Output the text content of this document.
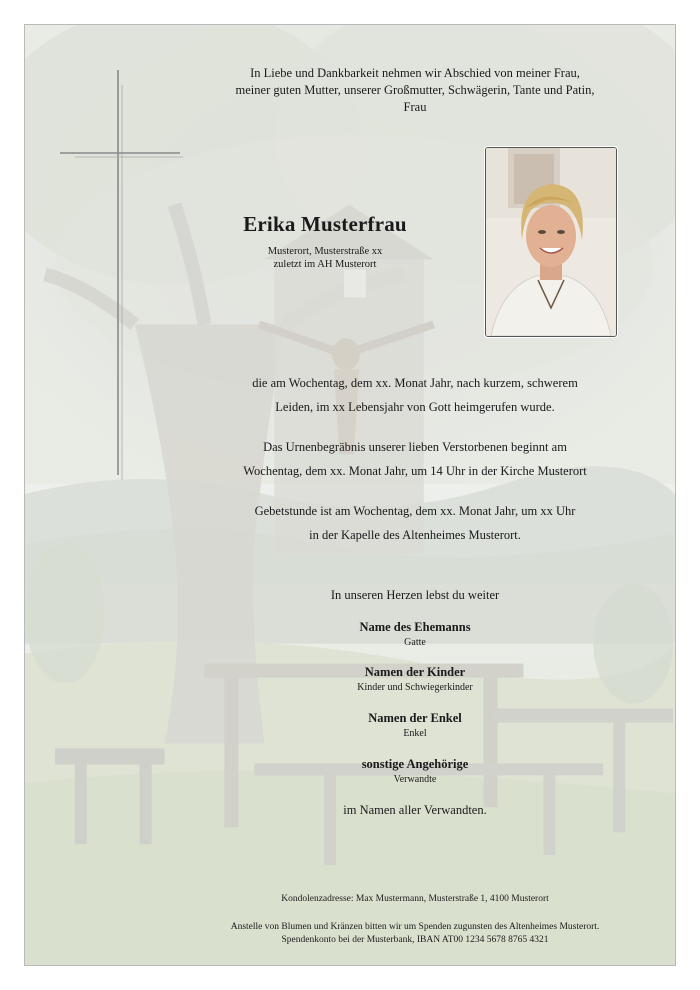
In Liebe und Dankbarkeit nehmen wir Abschied von meiner Frau,
meiner guten Mutter, unserer Großmutter, Schwägerin, Tante und Patin,
Frau
Erika Musterfrau
Musterort, Musterstraße xx
zuletzt im AH Musterort
die am Wochentag, dem xx. Monat Jahr, nach kurzem, schwerem
Leiden, im xx Lebensjahr von Gott heimgerufen wurde.
Das Urnenbegräbnis unserer lieben Verstorbenen beginnt am
Wochentag, dem xx. Monat Jahr, um 14 Uhr in der Kirche Musterort
Gebetstunde ist am Wochentag, dem xx. Monat Jahr, um xx Uhr
in der Kapelle des Altenheimes Musterort.
In unseren Herzen lebst du weiter
Name des Ehemanns
Gatte
Namen der Kinder
Kinder und Schwiegerkinder
Namen der Enkel
Enkel
sonstige Angehörige
Verwandte
im Namen aller Verwandten.
Kondolenzadresse: Max Mustermann, Musterstraße 1, 4100 Musterort
Anstelle von Blumen und Kränzen bitten wir um Spenden zugunsten des Altenheimes Musterort.
Spendenkonto bei der Musterbank, IBAN AT00 1234 5678 8765 4321
